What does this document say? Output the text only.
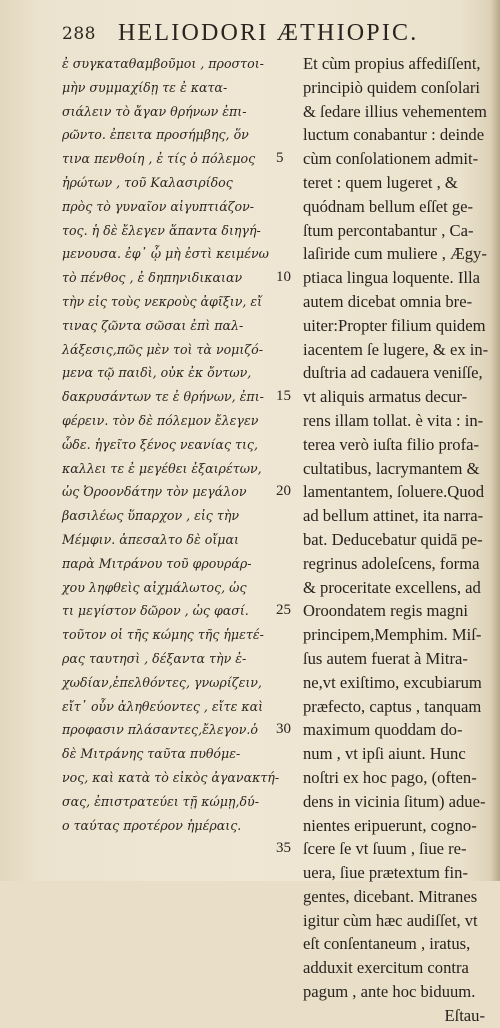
288 HELIODORI ÆTHIOPIC.
ἐ συγκαταθαμβοῦμοι , προστοι-
μὴν συμμαχίδῃ τε ἐ κατα-
σιάλειν τὸ ἄγαν θρήνων ἐπι-
ρῶντο. ἐπειτα προσήμβης, ὅν
τινα πενθοίη , ἐ τίς ὁ πόλεμος
ἠρώτων , τοῦ Καλασιρίδος
πρὸς τὸ γυναῖον αἰγυπτιάζον-
τος. ἡ δὲ ἔλεγεν ἅπαντα διηγή-
μενουσα. ἐφ᾽ ᾧ μὴ ἐστὶ κειμένω
τὸ πένθος , ἐ δηπηνιδικαιαν
τὴν εἰς τοὺς νεκροὺς ἀφῖξιν, εἴ
τινας ζῶντα σῶσαι ἐπὶ παλ-
λάξεσις,πῶς μὲν τοὶ τὰ νομιζό-
μενα τῷ παιδὶ, οὐκ ἐκ ὄντων,
δακρυσάντων τε ἐ θρήνων, ἐπι-
φέρειν. τὸν δὲ πόλεμον ἔλεγεν
ὧδε. ἡγεῖτο ξένος νεανίας τις,
καλλει τε ἐ μεγέθει ἐξαιρέτων,
ὡς Ὀροονδάτην τὸν μεγάλον
βασιλέως ὕπαρχον , εἰς τὴν
Μέμφιν. ἀπεσαλτο δὲ οἴμαι
παρὰ Μιτράνου τοῦ φρουράρ-
χου ληφθεὶς αἰχμάλωτος, ὡς
τι μεγίστον δῶρον , ὡς φασί.
τοῦτον οἱ τῆς κώμης τῆς ἡμετέ-
ρας ταυτησὶ , δέξαντα τὴν ἐ-
χωδίαν,ἐπελθόντες, γνωρίζειν,
εἴτ᾽ οὖν ἀληθεύοντες , εἴτε καὶ
προφασιν πλάσαντες,ἔλεγον.ὁ
δὲ Μιτράνης ταῦτα πυθόμε-
νος, καὶ κατὰ τὸ εἰκὸς ἀγανακτή-
σας, ἐπιστρατεύει τῇ κώμῃ,δύ-
ο ταύτας προτέρον ἡμέραις.
5
10
15
20
25
30
35
Et cùm propius affediſſent,
principiò quidem conſolari
& ſedare illius vehementem
luctum conabantur : deinde
cùm conſolationem admit-
teret : quem lugeret , &
quódnam bellum eſſet ge-
ſtum percontabantur , Ca-
laſiride cum muliere , Ægy-
ptiaca lingua loquente. Illa
autem dicebat omnia bre-
uiter:Propter filium quidem
iacentem ſe lugere, & ex in-
duſtria ad cadauera veniſſe,
vt aliquis armatus decur-
rens illam tollat. è vita : in-
terea verò iuſta filio profa-
cultatibus, lacrymantem &
lamentantem, ſoluere.Quod
ad bellum attinet, ita narra-
bat. Deducebatur quidā pe-
regrinus adoleſcens, forma
& proceritate excellens, ad
Oroondatem regis magni
principem,Memphim. Miſ-
ſus autem fuerat à Mitra-
ne,vt exiſtimo, excubiarum
præfecto, captus , tanquam
maximum quoddam do-
num , vt ipſi aiunt. Hunc
noſtri ex hoc pago, (often-
dens in vicinia ſitum) adue-
nientes eripuerunt, cogno-
ſcere ſe vt ſuum , ſiue re-
uera, ſiue prætextum fin-
gentes, dicebant. Mitranes
igitur cùm hæc audiſſet, vt
eſt conſentaneum , iratus,
adduxit exercitum contra
pagum , ante hoc biduum.
Eſtau-
